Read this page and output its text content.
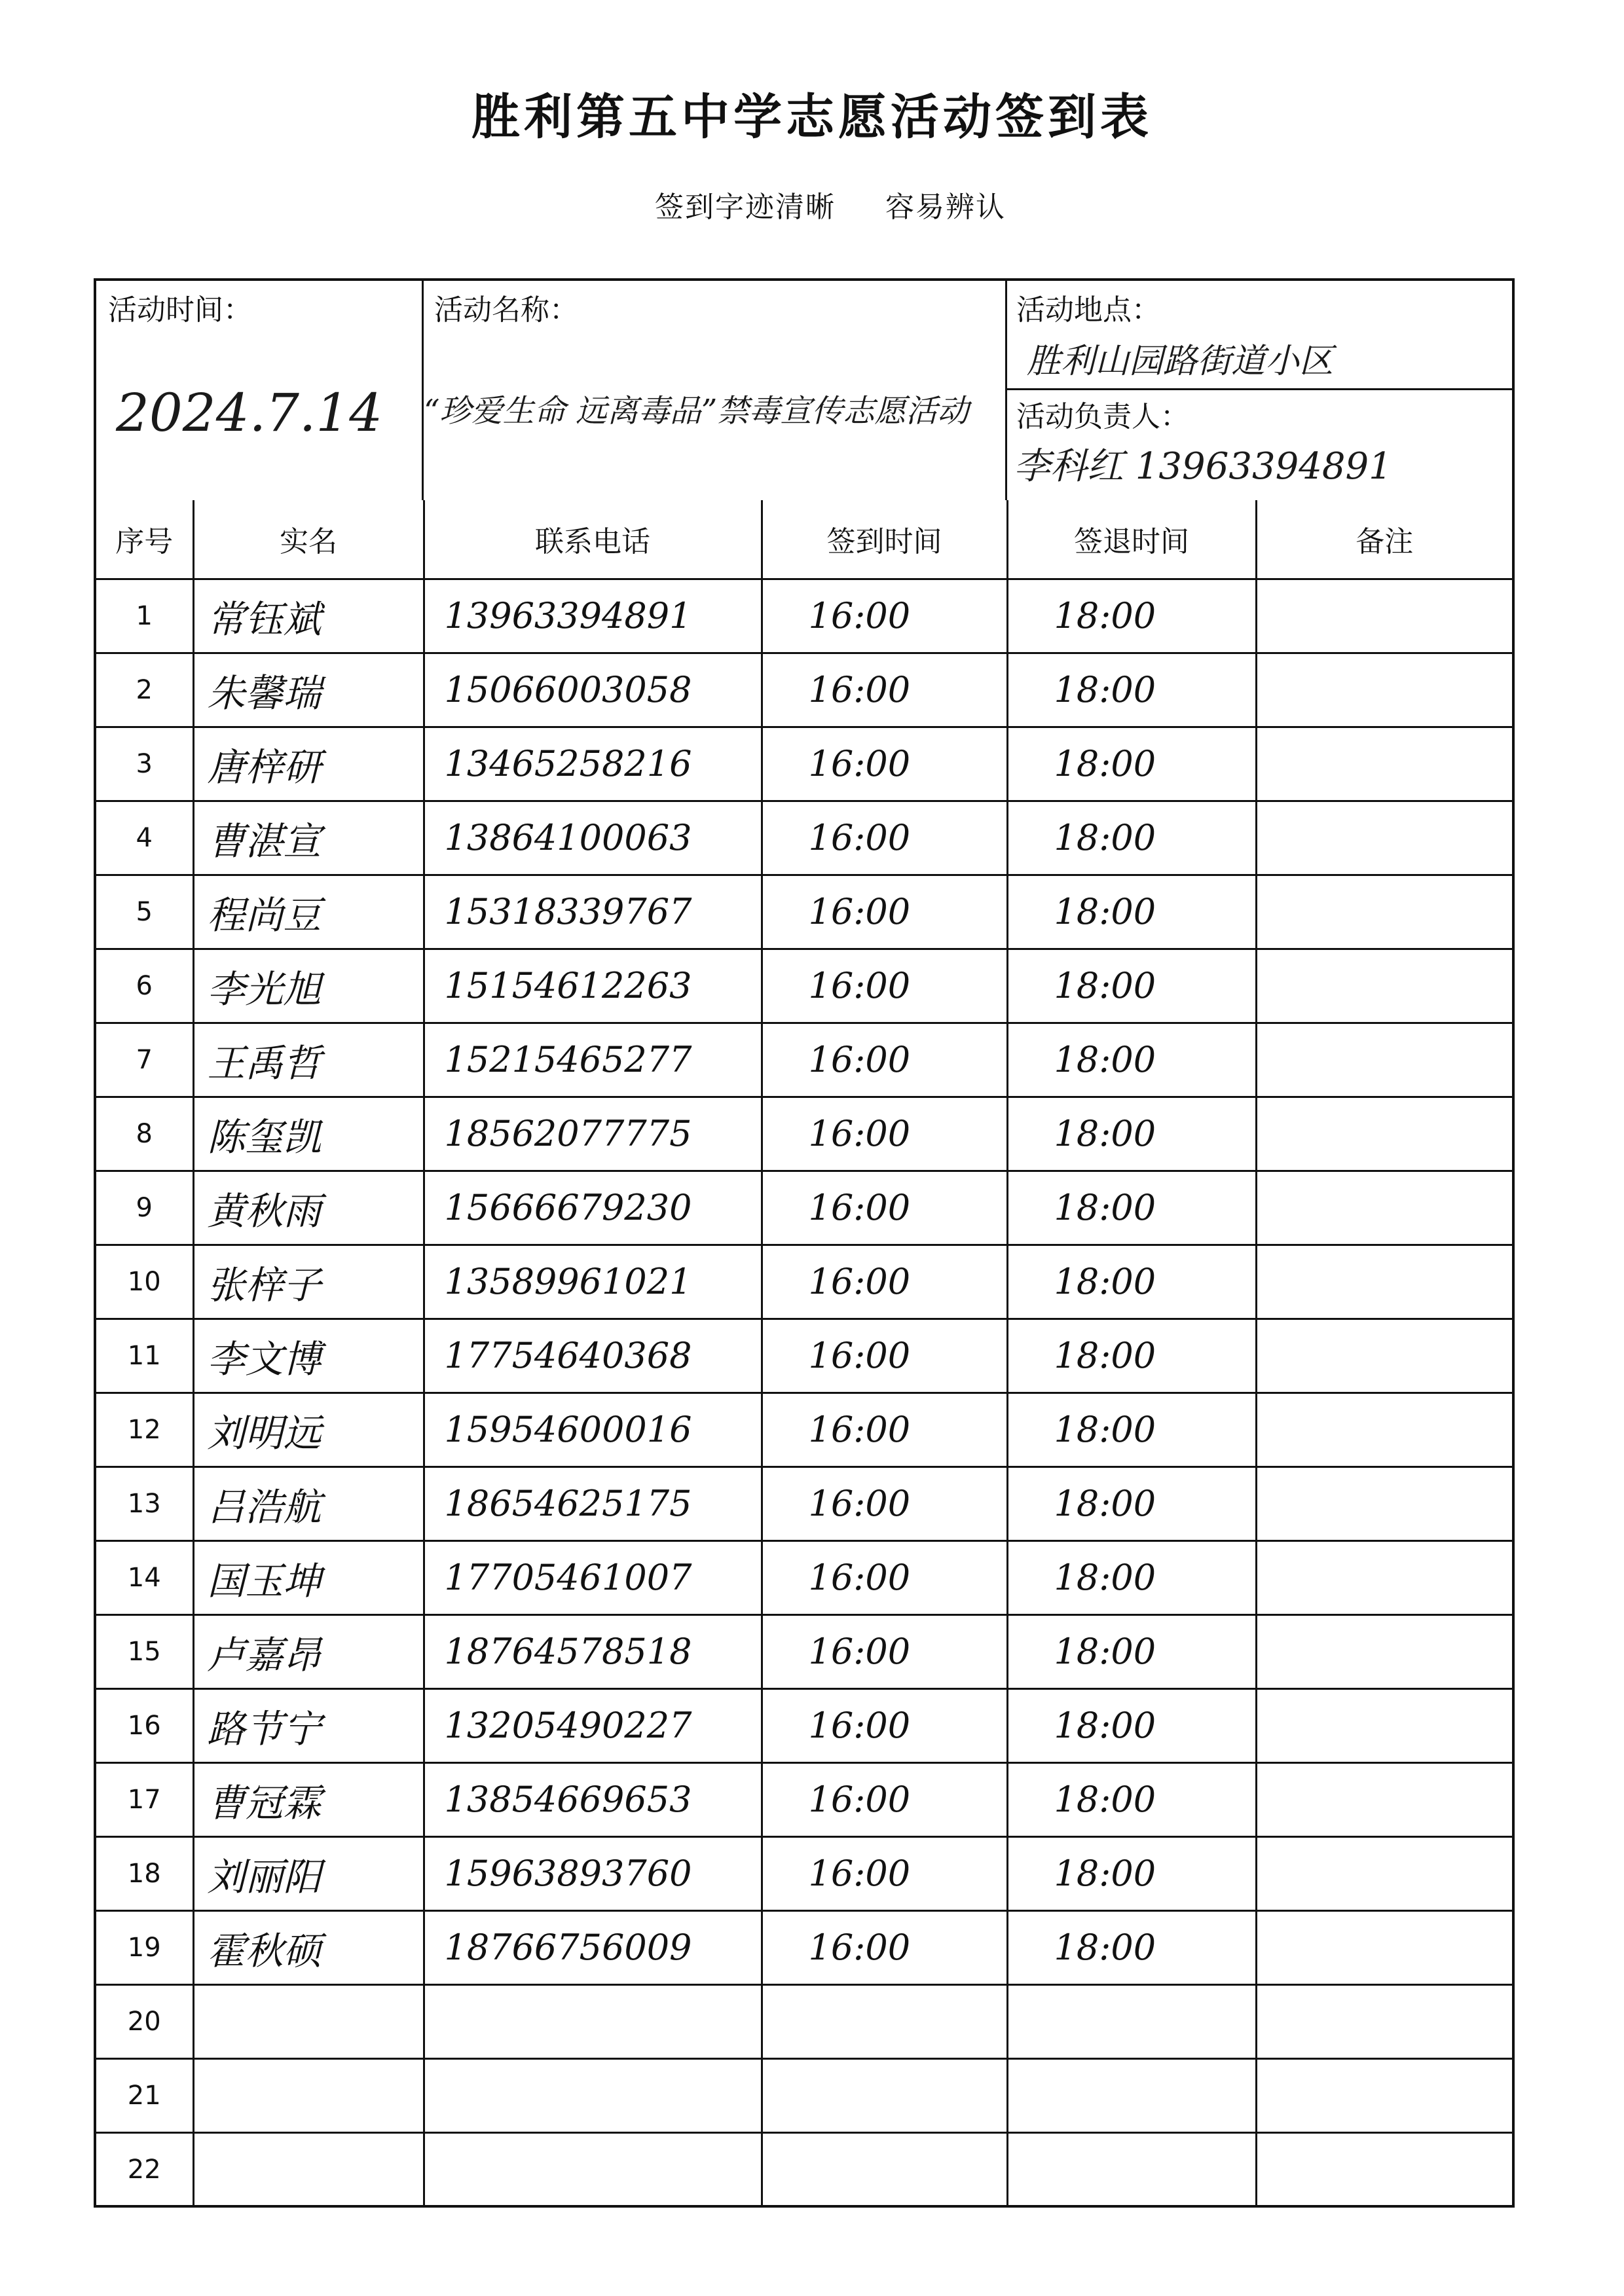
胜利第五中学志愿活动签到表
签到字迹清晰 容易辨认
活动时间：
2024.7.14
活动名称：
“珍爱生命 远离毒品”禁毒宣传志愿活动
活动地点：
胜利山园路街道小区
活动负责人：
李科红 13963394891
序号	实名	联系电话	签到时间	签退时间	备注
1	常钰斌	13963394891	16:00	18:00	
2	朱馨瑞	15066003058	16:00	18:00	
3	唐梓研	13465258216	16:00	18:00	
4	曹湛宣	13864100063	16:00	18:00	
5	程尚豆	15318339767	16:00	18:00	
6	李光旭	15154612263	16:00	18:00	
7	王禹哲	15215465277	16:00	18:00	
8	陈玺凯	18562077775	16:00	18:00	
9	黄秋雨	15666679230	16:00	18:00	
10	张梓子	13589961021	16:00	18:00	
11	李文博	17754640368	16:00	18:00	
12	刘明远	15954600016	16:00	18:00	
13	吕浩航	18654625175	16:00	18:00	
14	国玉坤	17705461007	16:00	18:00	
15	卢嘉昂	18764578518	16:00	18:00	
16	路节宁	13205490227	16:00	18:00	
17	曹冠霖	13854669653	16:00	18:00	
18	刘丽阳	15963893760	16:00	18:00	
19	霍秋硕	18766756009	16:00	18:00	
20					
21					
22					
